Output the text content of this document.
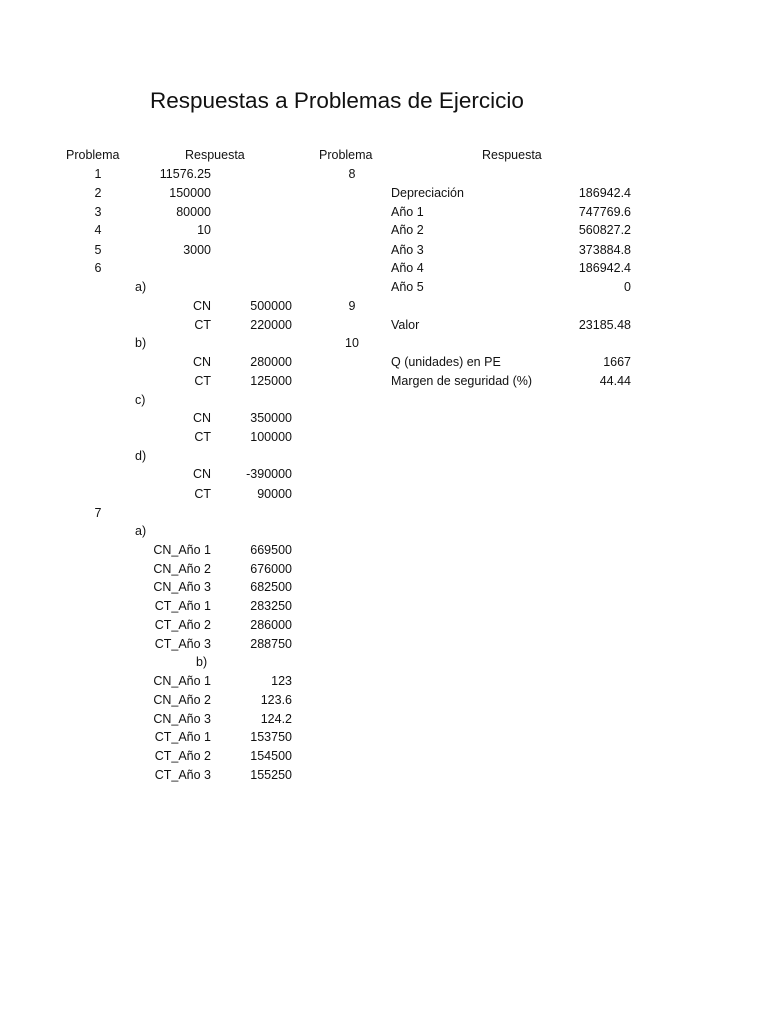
Respuestas a Problemas de Ejercicio
Problema	Respuesta
1	11576.25
2	150000
3	80000
4	10
5	3000
6
a)
CN	500000
CT	220000
b)
CN	280000
CT	125000
c)
CN	350000
CT	100000
d)
CN	-390000
CT	90000
7
a)
CN_Año 1	669500
CN_Año 2	676000
CN_Año 3	682500
CT_Año 1	283250
CT_Año 2	286000
CT_Año 3	288750
b)
CN_Año 1	123
CN_Año 2	123.6
CN_Año 3	124.2
CT_Año 1	153750
CT_Año 2	154500
CT_Año 3	155250
Problema	Respuesta
8
Depreciación	186942.4
Año 1	747769.6
Año 2	560827.2
Año 3	373884.8
Año 4	186942.4
Año 5	0
9
Valor	23185.48
10
Q (unidades) en PE	1667
Margen de seguridad (%)	44.44
